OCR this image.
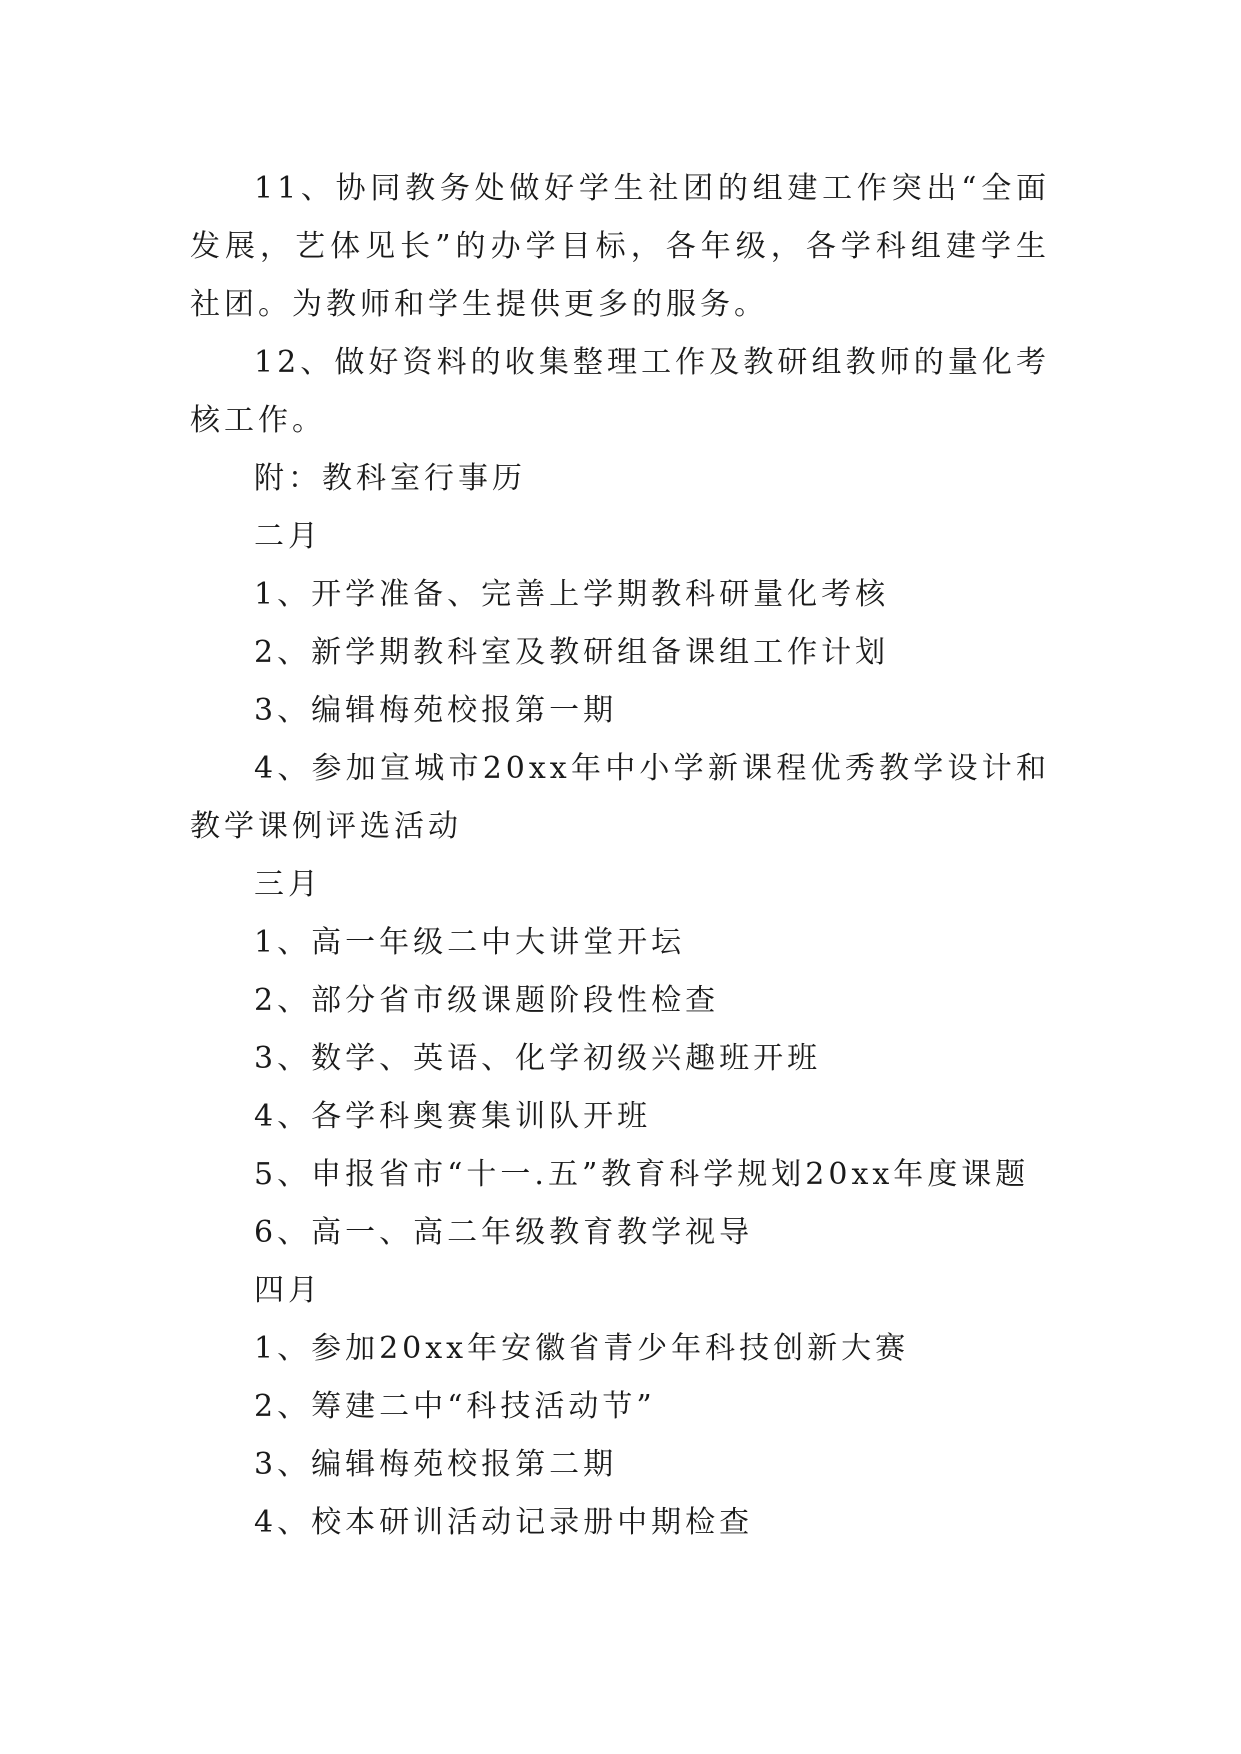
11、协同教务处做好学生社团的组建工作突出“全面发展，艺体见长”的办学目标，各年级，各学科组建学生社团。为教师和学生提供更多的服务。

12、做好资料的收集整理工作及教研组教师的量化考核工作。

附：教科室行事历

二月

1、开学准备、完善上学期教科研量化考核

2、新学期教科室及教研组备课组工作计划

3、编辑梅苑校报第一期

4、参加宣城市20xx年中小学新课程优秀教学设计和教学课例评选活动

三月

1、高一年级二中大讲堂开坛

2、部分省市级课题阶段性检查

3、数学、英语、化学初级兴趣班开班

4、各学科奥赛集训队开班

5、申报省市“十一.五”教育科学规划20xx年度课题

6、高一、高二年级教育教学视导

四月

1、参加20xx年安徽省青少年科技创新大赛

2、筹建二中“科技活动节”

3、编辑梅苑校报第二期

4、校本研训活动记录册中期检查
